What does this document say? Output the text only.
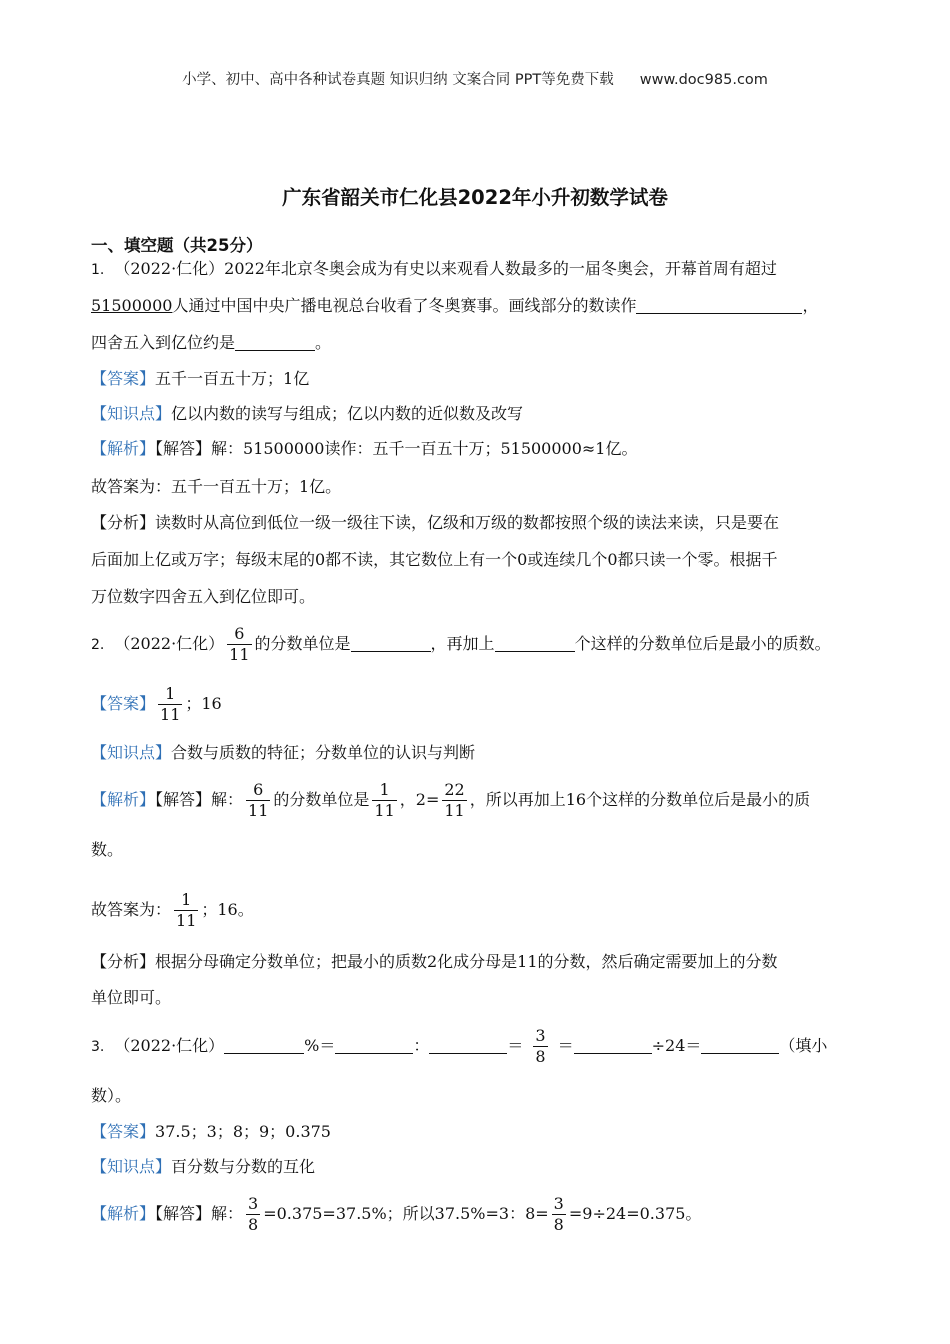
小学、初中、高中各种试卷真题 知识归纳 文案合同 PPT等免费下载 www.doc985.com
广东省韶关市仁化县2022年小升初数学试卷
一、填空题（共25分）
1. （2022·仁化）2022年北京冬奥会成为有史以来观看人数最多的一届冬奥会，开幕首周有超过
51500000人通过中国中央广播电视总台收看了冬奥赛事。画线部分的数读作	，
四舍五入到亿位约是	。
【答案】五千一百五十万；1亿
【知识点】亿以内数的读写与组成；亿以内数的近似数及改写
【解析】【解答】解：51500000读作：五千一百五十万；51500000≈1亿。
故答案为：五千一百五十万；1亿。
【分析】读数时从高位到低位一级一级往下读，亿级和万级的数都按照个级的读法来读，只是要在
后面加上亿或万字；每级末尾的0都不读，其它数位上有一个0或连续几个0都只读一个零。根据千
万位数字四舍五入到亿位即可。
2. （2022·仁化） $\frac{6}{11}$ 的分数单位是	，再加上	个这样的分数单位后是最小的质数。
【答案】 $\frac{1}{11}$ ；16
【知识点】合数与质数的特征；分数单位的认识与判断
【解析】【解答】解： $\frac{6}{11}$ 的分数单位是 $\frac{1}{11}$ ，$2= \frac{22}{11}$ ，所以再加上16个这样的分数单位后是最小的质
数。
故答案为： $\frac{1}{11}$ ；16。
【分析】根据分母确定分数单位；把最小的质数2化成分母是11的分数，然后确定需要加上的分数
单位即可。
3. （2022·仁化）	%＝	：	＝ $\frac{3}{8}$ ＝	÷24＝	（填小
数）。
【答案】37.5；3；8；9；0.375
【知识点】百分数与分数的互化
【解析】【解答】解： $\frac{3}{8} =0.375=37.5\%$；所以37.5%=3：$8= \frac{3}{8} =9\div 24=0.375$。
